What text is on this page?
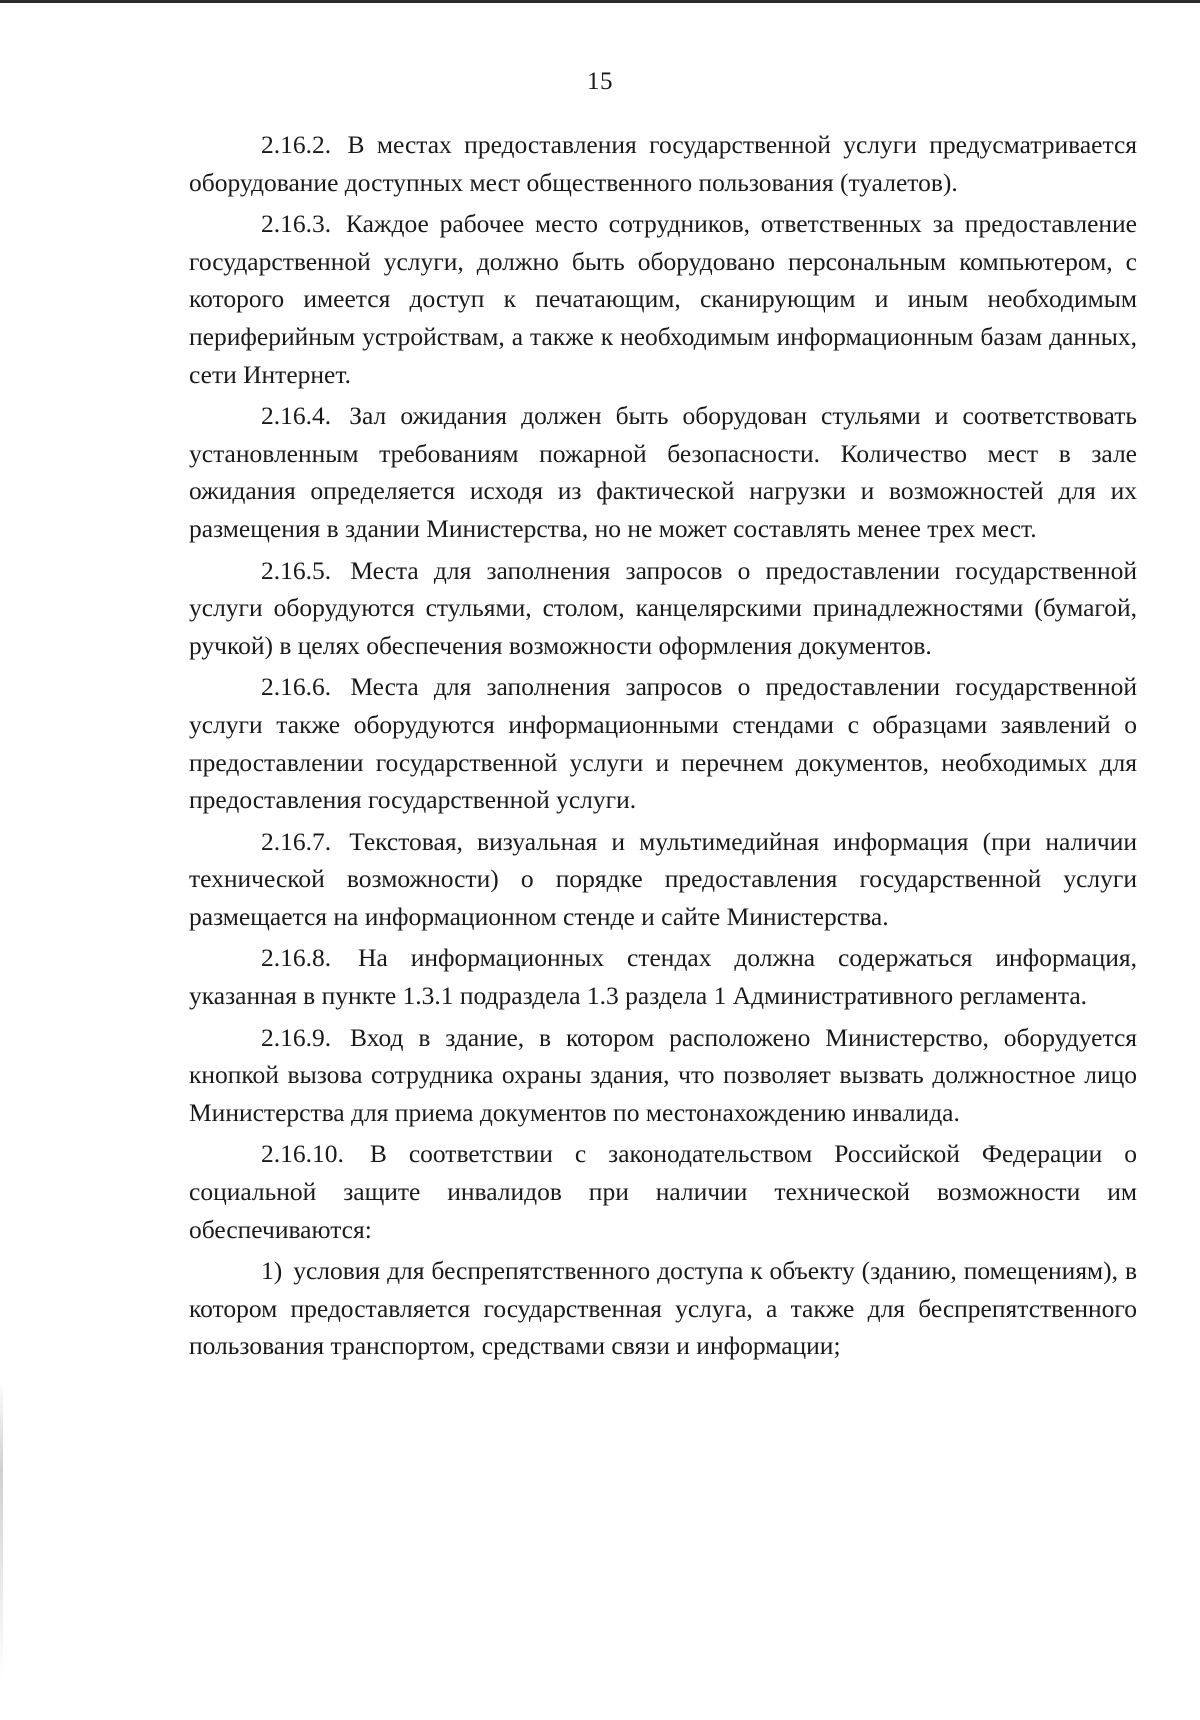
15

2.16.2. В местах предоставления государственной услуги предусматривается оборудование доступных мест общественного пользования (туалетов).

2.16.3. Каждое рабочее место сотрудников, ответственных за предоставление государственной услуги, должно быть оборудовано персональным компьютером, с которого имеется доступ к печатающим, сканирующим и иным необходимым периферийным устройствам, а также к необходимым информационным базам данных, сети Интернет.

2.16.4. Зал ожидания должен быть оборудован стульями и соответствовать установленным требованиям пожарной безопасности. Количество мест в зале ожидания определяется исходя из фактической нагрузки и возможностей для их размещения в здании Министерства, но не может составлять менее трех мест.

2.16.5. Места для заполнения запросов о предоставлении государственной услуги оборудуются стульями, столом, канцелярскими принадлежностями (бумагой, ручкой) в целях обеспечения возможности оформления документов.

2.16.6. Места для заполнения запросов о предоставлении государственной услуги также оборудуются информационными стендами с образцами заявлений о предоставлении государственной услуги и перечнем документов, необходимых для предоставления государственной услуги.

2.16.7. Текстовая, визуальная и мультимедийная информация (при наличии технической возможности) о порядке предоставления государственной услуги размещается на информационном стенде и сайте Министерства.

2.16.8. На информационных стендах должна содержаться информация, указанная в пункте 1.3.1 подраздела 1.3 раздела 1 Административного регламента.

2.16.9. Вход в здание, в котором расположено Министерство, оборудуется кнопкой вызова сотрудника охраны здания, что позволяет вызвать должностное лицо Министерства для приема документов по местонахождению инвалида.

2.16.10. В соответствии с законодательством Российской Федерации о социальной защите инвалидов при наличии технической возможности им обеспечиваются:

1) условия для беспрепятственного доступа к объекту (зданию, помещениям), в котором предоставляется государственная услуга, а также для беспрепятственного пользования транспортом, средствами связи и информации;
